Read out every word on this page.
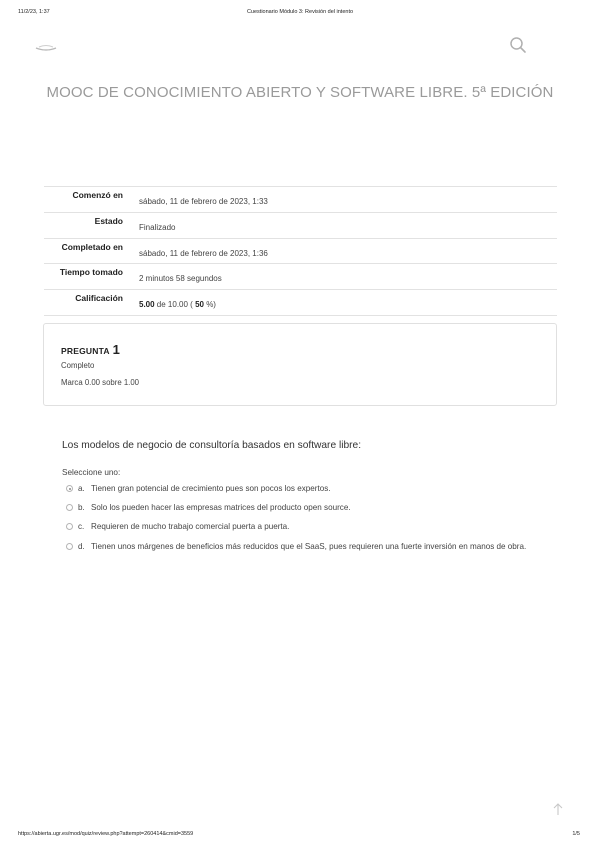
11/2/23, 1:37	Cuestionario Módulo 3: Revisión del intento
MOOC DE CONOCIMIENTO ABIERTO Y SOFTWARE LIBRE. 5ª EDICIÓN
Comenzó en
sábado, 11 de febrero de 2023, 1:33
Estado
Finalizado
Completado en
sábado, 11 de febrero de 2023, 1:36
Tiempo tomado
2 minutos 58 segundos
Calificación
5.00 de 10.00 ( 50 %)
PREGUNTA 1
Completo
Marca 0.00 sobre 1.00
Los modelos de negocio de consultoría basados en software libre:
Seleccione uno:
a. Tienen gran potencial de crecimiento pues son pocos los expertos.
b. Solo los pueden hacer las empresas matrices del producto open source.
c. Requieren de mucho trabajo comercial puerta a puerta.
d. Tienen unos márgenes de beneficios más reducidos que el SaaS, pues requieren una fuerte inversión en manos de obra.
https://abierta.ugr.es/mod/quiz/review.php?attempt=260414&cmid=3559	1/5
